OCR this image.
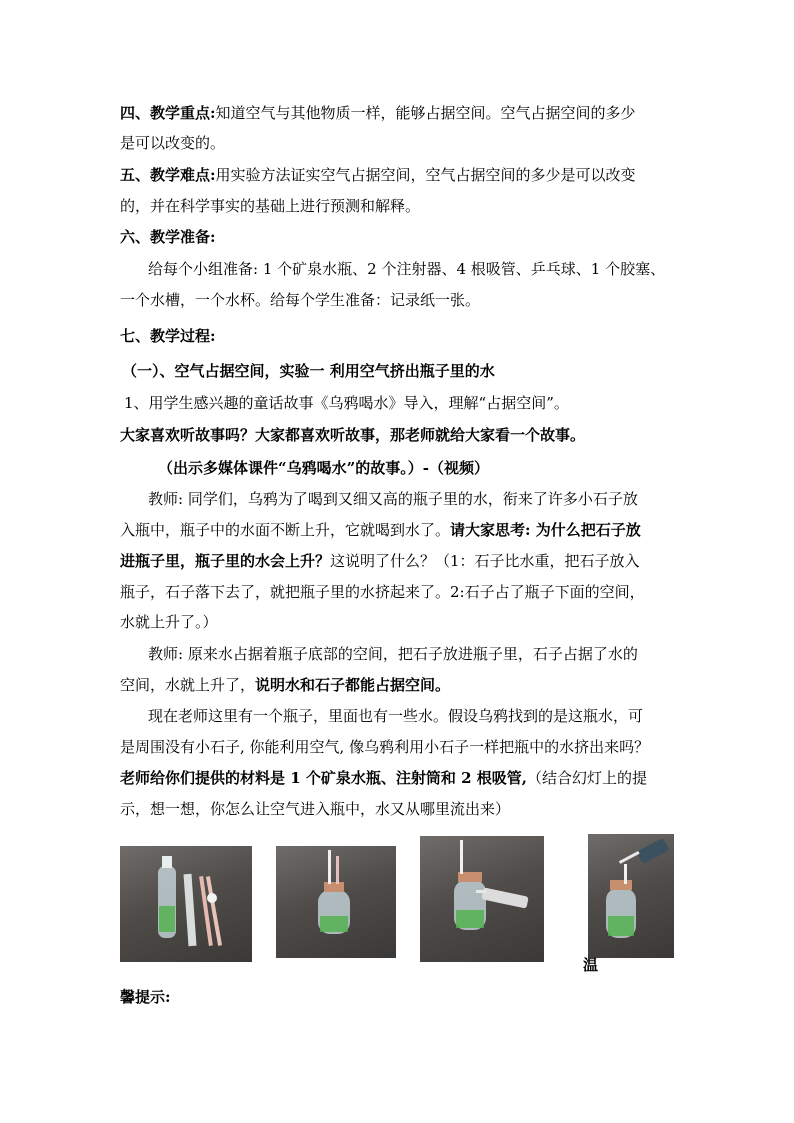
四、教学重点:知道空气与其他物质一样，能够占据空间。空气占据空间的多少
是可以改变的。
五、教学难点:用实验方法证实空气占据空间，空气占据空间的多少是可以改变
的，并在科学事实的基础上进行预测和解释。
六、教学准备:
给每个小组准备: 1 个矿泉水瓶、2 个注射器、4 根吸管、乒乓球、1 个胶塞、
一个水槽，一个水杯。给每个学生准备：记录纸一张。
七、教学过程:
（一）、空气占据空间，实验一 利用空气挤出瓶子里的水
1、用学生感兴趣的童话故事《乌鸦喝水》导入，理解“占据空间”。
大家喜欢听故事吗？大家都喜欢听故事，那老师就给大家看一个故事。
（出示多媒体课件“乌鸦喝水”的故事。）-（视频）
教师: 同学们，乌鸦为了喝到又细又高的瓶子里的水，衔来了许多小石子放
入瓶中，瓶子中的水面不断上升，它就喝到水了。请大家思考: 为什么把石子放
进瓶子里，瓶子里的水会上升？这说明了什么？（1：石子比水重，把石子放入
瓶子，石子落下去了，就把瓶子里的水挤起来了。2:石子占了瓶子下面的空间，
水就上升了。）
教师: 原来水占据着瓶子底部的空间，把石子放进瓶子里，石子占据了水的
空间，水就上升了，说明水和石子都能占据空间。
现在老师这里有一个瓶子，里面也有一些水。假设乌鸦找到的是这瓶水，可
是周围没有小石子, 你能利用空气, 像乌鸦利用小石子一样把瓶中的水挤出来吗？
老师给你们提供的材料是 1 个矿泉水瓶、注射筒和 2 根吸管,（结合幻灯上的提
示，想一想，你怎么让空气进入瓶中，水又从哪里流出来）
温
馨提示:
